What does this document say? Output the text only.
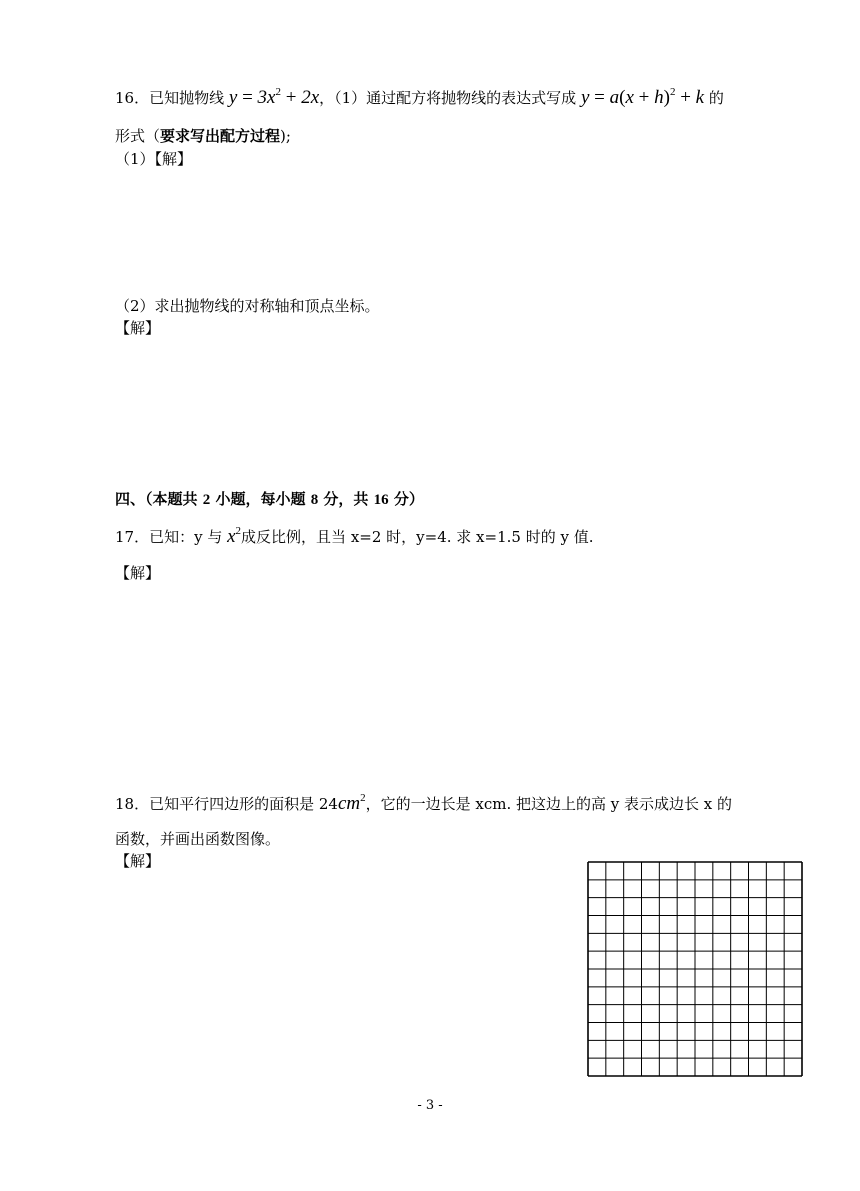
16．已知抛物线 $y = 3x^2 + 2x$，（1）通过配方将抛物线的表达式写成 $y = a(x + h)^2 + k$ 的
形式（要求写出配方过程);
（1）【解】
（2）求出抛物线的对称轴和顶点坐标。
【解】
四、（本题共 2 小题，每小题 8 分，共 16 分）
17．已知：y 与 $x^2$成反比例，且当 x=2 时，y=4. 求 x=1.5 时的 y 值.
【解】
18．已知平行四边形的面积是 $24cm^2$，它的一边长是 xcm. 把这边上的高 y 表示成边长 x 的
函数，并画出函数图像。
【解】
- 3 -
